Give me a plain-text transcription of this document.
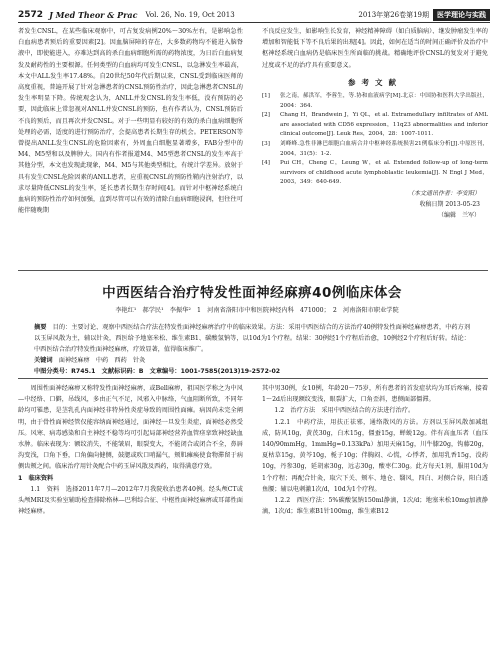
2572 J Med Theor & Prac Vol. 26, No. 19, Oct 2013	2013年第26卷第19期	医学理论与实践

者发生CNSL，在某些临床观察中，可占复发病例20%～30%左右，是影响急性白血病患者预后的重要因素[2]。因血脑屏障的存在，大多数药物均不能进入脑脊液中，即使能进入，亦难达到高的杀白血病细胞所需的药物浓度，为日后白血病复发及耐药性的主要根源。任何类型的白血病均可发生CNSL，以急淋发生率最高，本文中ALL发生率17.48%。自20世纪50年代后期以来，CNSL受到临床医师的高度重视，普遍开展了针对急淋患者的CNSL预防性治疗，因此急淋患者CNSL的发生率明显下降。传统观念认为，ANLL并发CNSL的发生率低，没有预防的必要，因此临床上常忽视对ANLL并发CNSL的预防，也有作者认为，CNSL预防后不良的预后，而且再次并发CNSL。对于一些明显有较好的有效的杀白血病细胞所处理的必需，适度的进行预防治疗，会提高患者长期生存的机会。PETERSON等曾提出ANLL发生CNSL的危险因素有，外周血白细胞显著增多，FAB分型中的M4、M5型和以及脾肿大。国内有作者报道M4、M5型患者CNSL的发生率高于其他分型，本文也发现此现象，M4、M5与其他类型相比，有统计学差异。放射于具有发生CNSL危险因素的ANLL患者，应重视CNSL的预防性鞘内注射治疗，以求尽量降低CNSL的发生率，延长患者长期生存时间[4]。而针对中枢神经系统白血病的预防性治疗如何加强，直到尽管可以有效的清除白血病细胞浸润，但往往可能伴随晚期

不良反应发生，如影响生长发育，神经精神障碍（如白质脑病）、继发肿瘤发生率的增加和智能低下等不良后果的出现[4]。因此，如何在适当的时间正确评价及治疗中枢神经系统白血病仍是临床医生所面临的挑战。精确地评价CNSL的复发对于避免过度或不足的治疗具有重要意义。

参考文献
[1]	张之南，郝洪军，李蓉生，等.协和血液病学[M].北京：中国协和医科大学出版社，2004：364.
[2]	Chang H，Brandwein J，Yi QL，et al. Extramedullary infiltrates of AML are associated with CD56 expression，11q23 abnormalities and inferior clinical outcome[J]. Leuk Res，2004，28：1007-1011.
[3]	刘峰峰.急性非淋巴细胞白血病合并中枢神经系统损害21例临床分析[J].中原医刊，2004，31(5)：1-2.
[4]	Pui CH，Cheng C，Leung W，et al. Extended follow-up of long-term survivors of childhood acute lymphoblastic leukemia[J]. N Engl J Med，2003，349：640-649.
（本文通讯作者：李安阳）
收稿日期 2013-05-23
（编辑　兰军）
中西医结合治疗特发性面神经麻痹40例临床体会
李艳红¹　郝学民¹　李振华²　1　河南省洛阳市中和医院神经内科　471000；　2　河南洛阳市职业学院

摘要　 目的：主要讨论、观察中西医结合疗法在特发性面神经麻痹治疗中的临床效果。方法：采用中西医结合的方法治疗40例特发性面神经麻痹患者，中药方剂以玉屏风散为主，辅以针灸，西医给予地塞米松、维生素B1、碳酸氢钠等，以10d为1个疗程。结果：30例经1个疗程后治愈，10例经2个疗程后好转。结论：中西医结合治疗特发性面神经麻痹，疗效显著，值得临床推广。

关键词　 面神经麻痹　中药　西药　针灸

中图分类号：R745.1　文献标识码：B　文章编号：1001-7585(2013)19-2572-02

周围性面神经麻痹又称特发性面神经麻痹，或Bell麻痹，祖国医学称之为中风—中经络、口僻，吊线风，多由正气不足，风邪入中脉络，气血阻断所致，不同年龄均可罹患，是茎乳孔内面神经非特异性炎症导致的周围性面瘫。病因尚未完全阐明，由于骨性面神经管仅能容纳面神经通过，面神经一旦发生炎症，面神经必然受压。风寒、病毒感染和自主神经不稳等均可引起局部神经营养血管痉挛致神经缺血水肿。临床表现为：额纹消失，不能皱眉，眼裂变大，不能闭合或闭合不全，鼻唇沟变浅，口角下垂，口角偏向健侧，鼓腮或吹口哨漏气，颊肌瘫痪使食物滞留于病侧齿颊之间。临床治疗用针灸配合中药玉屏风散及西药，取得满意疗效。

1　临床资料

1.1　资料　选择2011年7月—2012年7月我院收治患者40例。经头颅CT或头颅MRI及实验室辅助检查排除格林—巴利综合征、中枢性面神经麻痹或耳部性面神经麻痹。

其中男30例，女10例，年龄20～75岁，所有患者的首发症状均为耳后疼痛，接着1～2d后出现额纹变浅，眼裂扩大，口角歪斜，患侧面部僵滞。

1.2　治疗方法　采用中西医结合的方法进行治疗。

1.2.1　中药疗法，用扶正祛邪，通络散风的方法。方剂以玉屏风散加减组成，防风10g，黄芪30g，白术15g，僵蚕15g，蝉蜕12g。伴有高血压者（血压140/90mmHg，1mmHg=0.133kPa）加用天麻15g，川牛膝20g，钩藤20g，夏枯草15g，黄芩10g，栀子10g；伴胸闷、心慌，心悸者，加用乳香15g，没药10g，丹参30g，延胡索30g，远志30g，酸枣仁30g。此方每天1剂，服用10d为1个疗程；再配合针灸，取穴下关、颊车、地仓、翳风，四白、对侧合谷，阳白透鱼腰；辅以电刺激1次/d，10d为1个疗程。

1.2.2　西医疗法：5%碳酸氢钠150ml静滴，1次/d；地塞米松10mg加液静滴，1次/d；维生素B1针100mg，维生素B12
